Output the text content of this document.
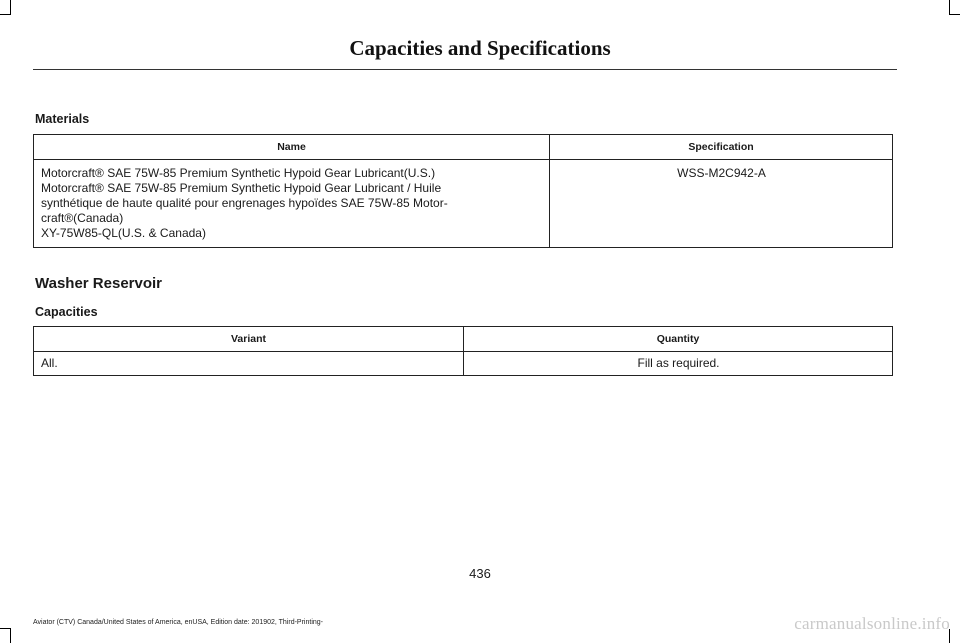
Capacities and Specifications
Materials
Name	Specification

Motorcraft® SAE 75W-85 Premium Synthetic Hypoid Gear Lubricant(U.S.)
Motorcraft® SAE 75W-85 Premium Synthetic Hypoid Gear Lubricant / Huile
synthétique de haute qualité pour engrenages hypoïdes SAE 75W-85 Motor-
craft®(Canada)
XY-75W85-QL(U.S. & Canada)	WSS-M2C942-A
Washer Reservoir
Capacities
Variant	Quantity
All.	Fill as required.
436
Aviator (CTV) Canada/United States of America, enUSA, Edition date: 201902, Third-Printing-	carmanualsonline.info
